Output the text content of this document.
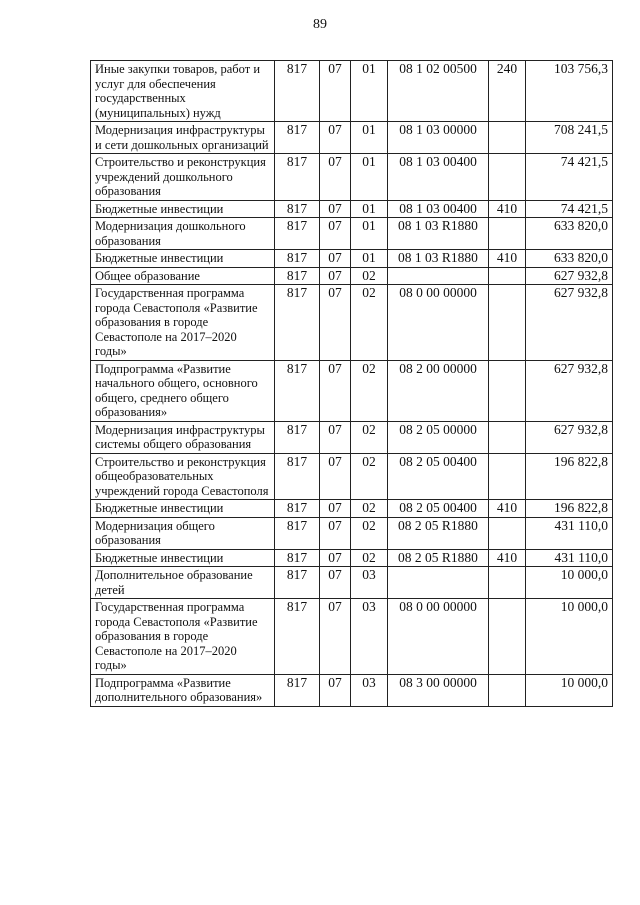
89
Иные закупки товаров, работ и услуг для обеспечения государственных (муниципальных) нужд	817	07	01	08 1 02 00500	240	103 756,3
Модернизация инфраструктуры и сети дошкольных организаций	817	07	01	08 1 03 00000		708 241,5
Строительство и реконструкция учреждений дошкольного образования	817	07	01	08 1 03 00400		74 421,5
Бюджетные инвестиции	817	07	01	08 1 03 00400	410	74 421,5
Модернизация дошкольного образования	817	07	01	08 1 03 R1880		633 820,0
Бюджетные инвестиции	817	07	01	08 1 03 R1880	410	633 820,0
Общее образование	817	07	02			627 932,8
Государственная программа города Севастополя «Развитие образования в городе Севастополе на 2017–2020 годы»	817	07	02	08 0 00 00000		627 932,8
Подпрограмма «Развитие начального общего, основного общего, среднего общего образования»	817	07	02	08 2 00 00000		627 932,8
Модернизация инфраструктуры системы общего образования	817	07	02	08 2 05 00000		627 932,8
Строительство и реконструкция общеобразовательных учреждений города Севастополя	817	07	02	08 2 05 00400		196 822,8
Бюджетные инвестиции	817	07	02	08 2 05 00400	410	196 822,8
Модернизация общего образования	817	07	02	08 2 05 R1880		431 110,0
Бюджетные инвестиции	817	07	02	08 2 05 R1880	410	431 110,0
Дополнительное образование детей	817	07	03			10 000,0
Государственная программа города Севастополя «Развитие образования в городе Севастополе на 2017–2020 годы»	817	07	03	08 0 00 00000		10 000,0
Подпрограмма «Развитие дополнительного образования»	817	07	03	08 3 00 00000		10 000,0
